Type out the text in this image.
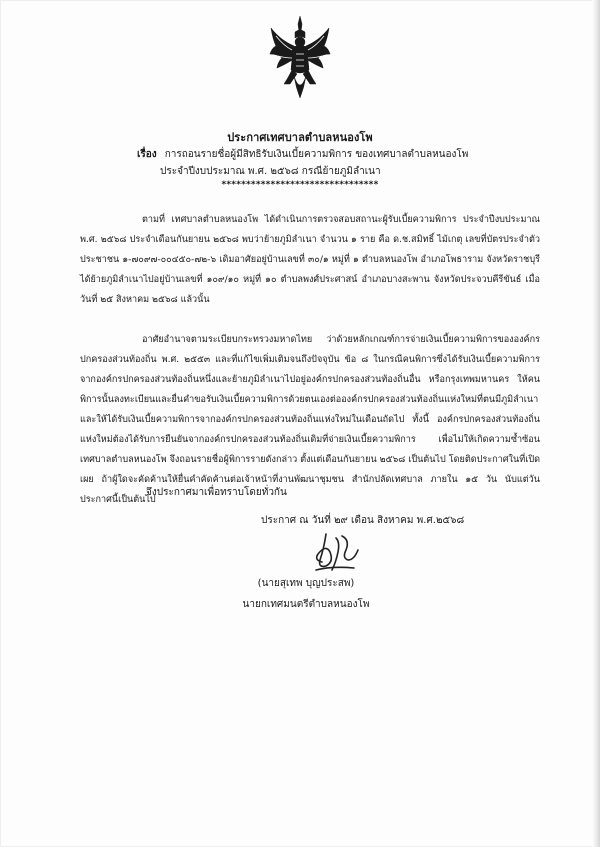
ประกาศเทศบาลตำบลหนองโพ
เรื่อง การถอนรายชื่อผู้มีสิทธิรับเงินเบี้ยความพิการ ของเทศบาลตำบลหนองโพ
ประจำปีงบประมาณ พ.ศ. ๒๕๖๘ กรณีย้ายภูมิลำเนา
********************************

ตามที่ เทศบาลตำบลหนองโพ ได้ดำเนินการตรวจสอบสถานะผู้รับเบี้ยความพิการ ประจำปีงบประมาณ พ.ศ. ๒๕๖๘ ประจำเดือนกันยายน ๒๕๖๘ พบว่าย้ายภูมิลำเนา จำนวน ๑ ราย คือ ด.ช.สมิทธิ์ ไม้เกตุ เลขที่บัตรประจำตัวประชาชน ๑-๗๐๙๗-๐๐๔๕๐-๗๒-๖ เดิมอาศัยอยู่บ้านเลขที่ ๓๐/๑ หมู่ที่ ๑ ตำบลหนองโพ อำเภอโพธาราม จังหวัดราชบุรี ได้ย้ายภูมิลำเนาไปอยู่บ้านเลขที่ ๑๐๙/๑๐ หมู่ที่ ๑๐ ตำบลพงศ์ประศาสน์ อำเภอบางสะพาน จังหวัดประจวบคีรีขันธ์ เมื่อวันที่ ๒๕ สิงหาคม ๒๕๖๘ แล้วนั้น

อาศัยอำนาจตามระเบียบกระทรวงมหาดไทย ว่าด้วยหลักเกณฑ์การจ่ายเงินเบี้ยความพิการขององค์กรปกครองส่วนท้องถิ่น พ.ศ. ๒๕๕๓ และที่แก้ไขเพิ่มเติมจนถึงปัจจุบัน ข้อ ๘ ในกรณีคนพิการซึ่งได้รับเงินเบี้ยความพิการจากองค์กรปกครองส่วนท้องถิ่นหนึ่งและย้ายภูมิลำเนาไปอยู่องค์กรปกครองส่วนท้องถิ่นอื่น หรือกรุงเทพมหานคร ให้คนพิการนั้นลงทะเบียนและยื่นคำขอรับเงินเบี้ยความพิการด้วยตนเองต่อองค์กรปกครองส่วนท้องถิ่นแห่งใหม่ที่ตนมีภูมิลำเนา และให้ได้รับเงินเบี้ยความพิการจากองค์กรปกครองส่วนท้องถิ่นแห่งใหม่ในเดือนถัดไป ทั้งนี้ องค์กรปกครองส่วนท้องถิ่นแห่งใหม่ต้องได้รับการยืนยันจากองค์กรปกครองส่วนท้องถิ่นเดิมที่จ่ายเงินเบี้ยความพิการ เพื่อไม่ให้เกิดความซ้ำซ้อน เทศบาลตำบลหนองโพ จึงถอนรายชื่อผู้พิการรายดังกล่าว ตั้งแต่เดือนกันยายน ๒๕๖๘ เป็นต้นไป โดยติดประกาศในที่เปิดเผย ถ้าผู้ใดจะคัดค้านให้ยื่นคำคัดค้านต่อเจ้าหน้าที่งานพัฒนาชุมชน สำนักปลัดเทศบาล ภายใน ๑๕ วัน นับแต่วันประกาศนี้เป็นต้นไป

จึงประกาศมาเพื่อทราบโดยทั่วกัน
ประกาศ ณ วันที่ ๒๙ เดือน สิงหาคม พ.ศ.๒๕๖๘
(นายสุเทพ บุญประสพ)
นายกเทศมนตรีตำบลหนองโพ
